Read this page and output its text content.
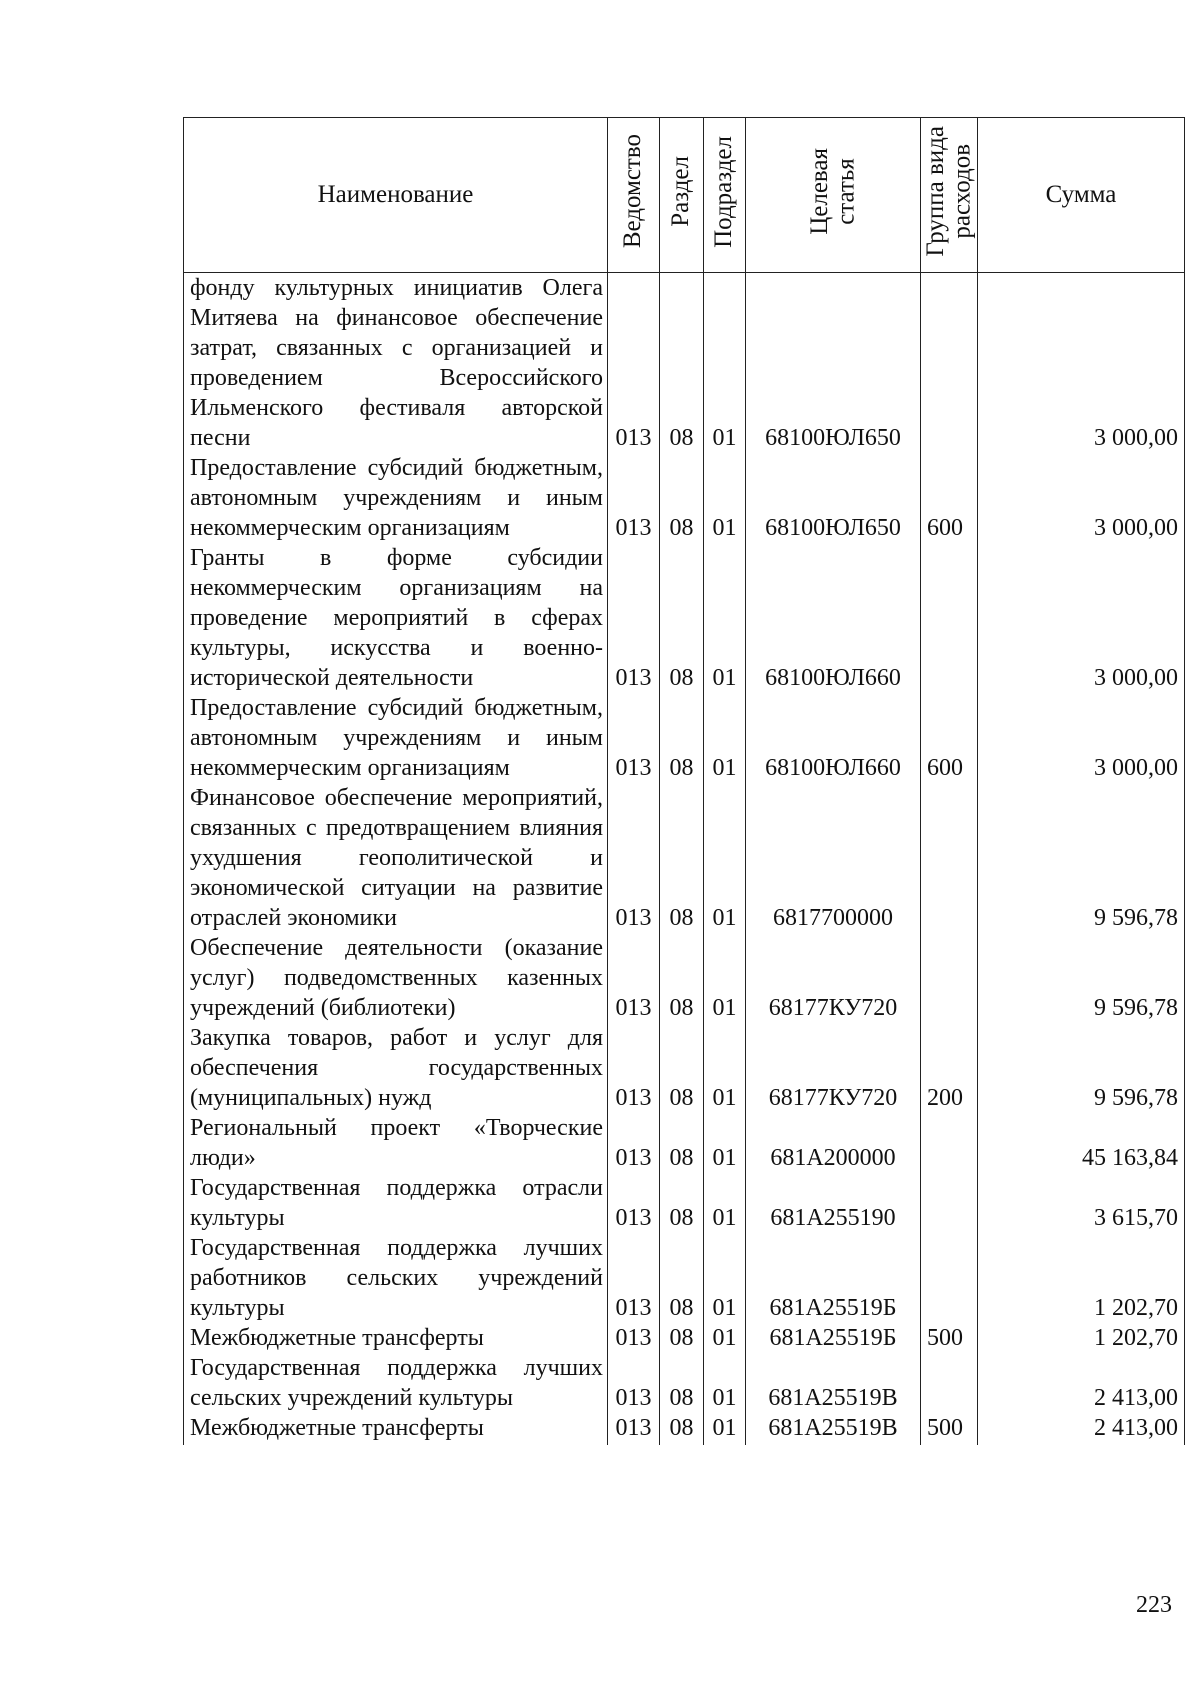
Наименование	Ведомство	Раздел	Подраздел	Целевая статья	Группа вида расходов	Сумма
фонду культурных инициатив Олега Митяева на финансовое обеспечение затрат, связанных с организацией и проведением Всероссийского Ильменского фестиваля авторской песни	013	08	01	68100ЮЛ650		3 000,00
Предоставление субсидий бюджетным, автономным учреждениям и иным некоммерческим организациям	013	08	01	68100ЮЛ650	600	3 000,00
Гранты в форме субсидии некоммерческим организациям на проведение мероприятий в сферах культуры, искусства и военно-исторической деятельности	013	08	01	68100ЮЛ660		3 000,00
Предоставление субсидий бюджетным, автономным учреждениям и иным некоммерческим организациям	013	08	01	68100ЮЛ660	600	3 000,00
Финансовое обеспечение мероприятий, связанных с предотвращением влияния ухудшения геополитической и экономической ситуации на развитие отраслей экономики	013	08	01	6817700000		9 596,78
Обеспечение деятельности (оказание услуг) подведомственных казенных учреждений (библиотеки)	013	08	01	68177КУ720		9 596,78
Закупка товаров, работ и услуг для обеспечения государственных (муниципальных) нужд	013	08	01	68177КУ720	200	9 596,78
Региональный проект «Творческие люди»	013	08	01	681А200000		45 163,84
Государственная поддержка отрасли культуры	013	08	01	681А255190		3 615,70
Государственная поддержка лучших работников сельских учреждений культуры	013	08	01	681А25519Б		1 202,70
Межбюджетные трансферты	013	08	01	681А25519Б	500	1 202,70
Государственная поддержка лучших сельских учреждений культуры	013	08	01	681А25519В		2 413,00
Межбюджетные трансферты	013	08	01	681А25519В	500	2 413,00
223
